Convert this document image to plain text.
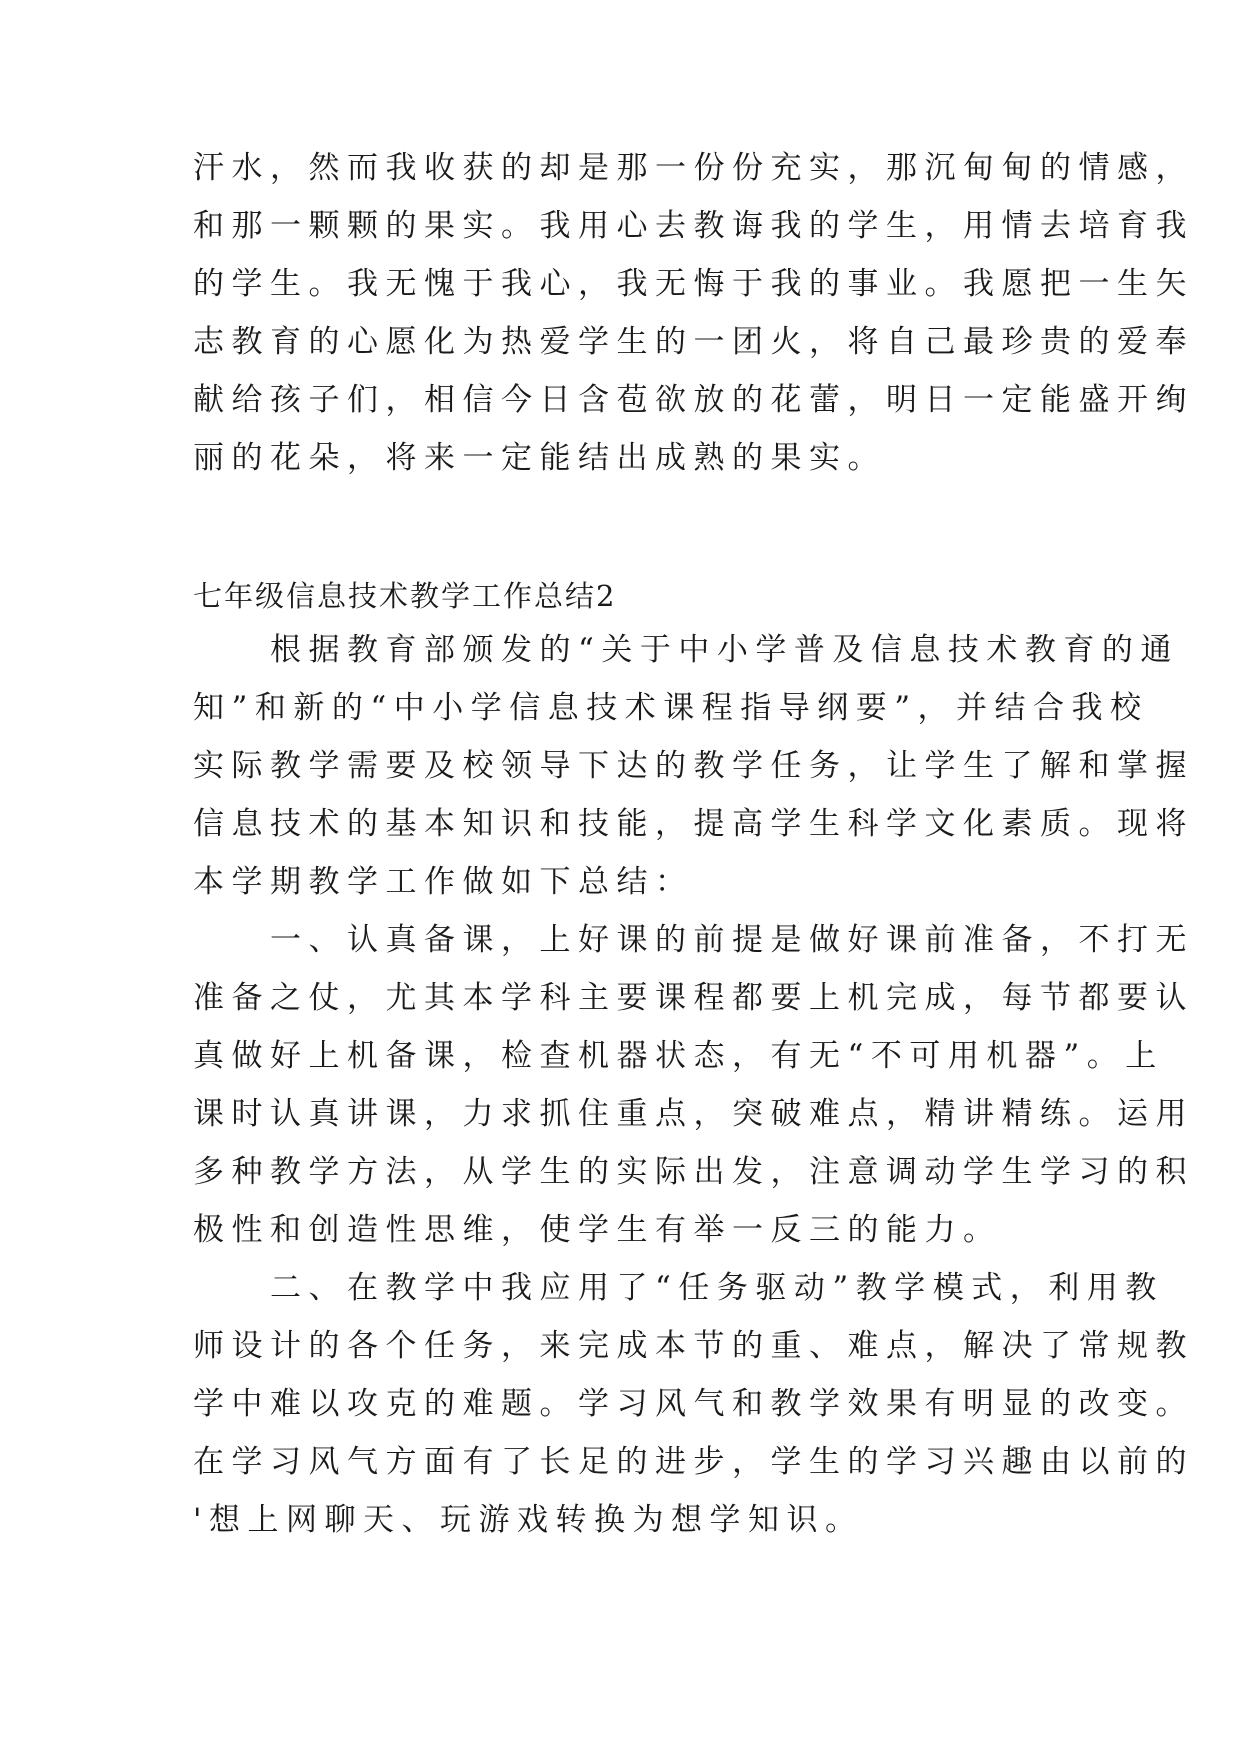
汗水，然而我收获的却是那一份份充实，那沉甸甸的情感，
和那一颗颗的果实。我用心去教诲我的学生，用情去培育我
的学生。我无愧于我心，我无悔于我的事业。我愿把一生矢
志教育的心愿化为热爱学生的一团火，将自己最珍贵的爱奉
献给孩子们，相信今日含苞欲放的花蕾，明日一定能盛开绚
丽的花朵，将来一定能结出成熟的果实。
七年级信息技术教学工作总结2
　　根据教育部颁发的“关于中小学普及信息技术教育的通
知”和新的“中小学信息技术课程指导纲要”，并结合我校
实际教学需要及校领导下达的教学任务，让学生了解和掌握
信息技术的基本知识和技能，提高学生科学文化素质。现将
本学期教学工作做如下总结：
　　一、认真备课，上好课的前提是做好课前准备，不打无
准备之仗，尤其本学科主要课程都要上机完成，每节都要认
真做好上机备课，检查机器状态，有无“不可用机器”。上
课时认真讲课，力求抓住重点，突破难点，精讲精练。运用
多种教学方法，从学生的实际出发，注意调动学生学习的积
极性和创造性思维，使学生有举一反三的能力。
　　二、在教学中我应用了“任务驱动”教学模式，利用教
师设计的各个任务，来完成本节的重、难点，解决了常规教
学中难以攻克的难题。学习风气和教学效果有明显的改变。
在学习风气方面有了长足的进步，学生的学习兴趣由以前的
'想上网聊天、玩游戏转换为想学知识。
